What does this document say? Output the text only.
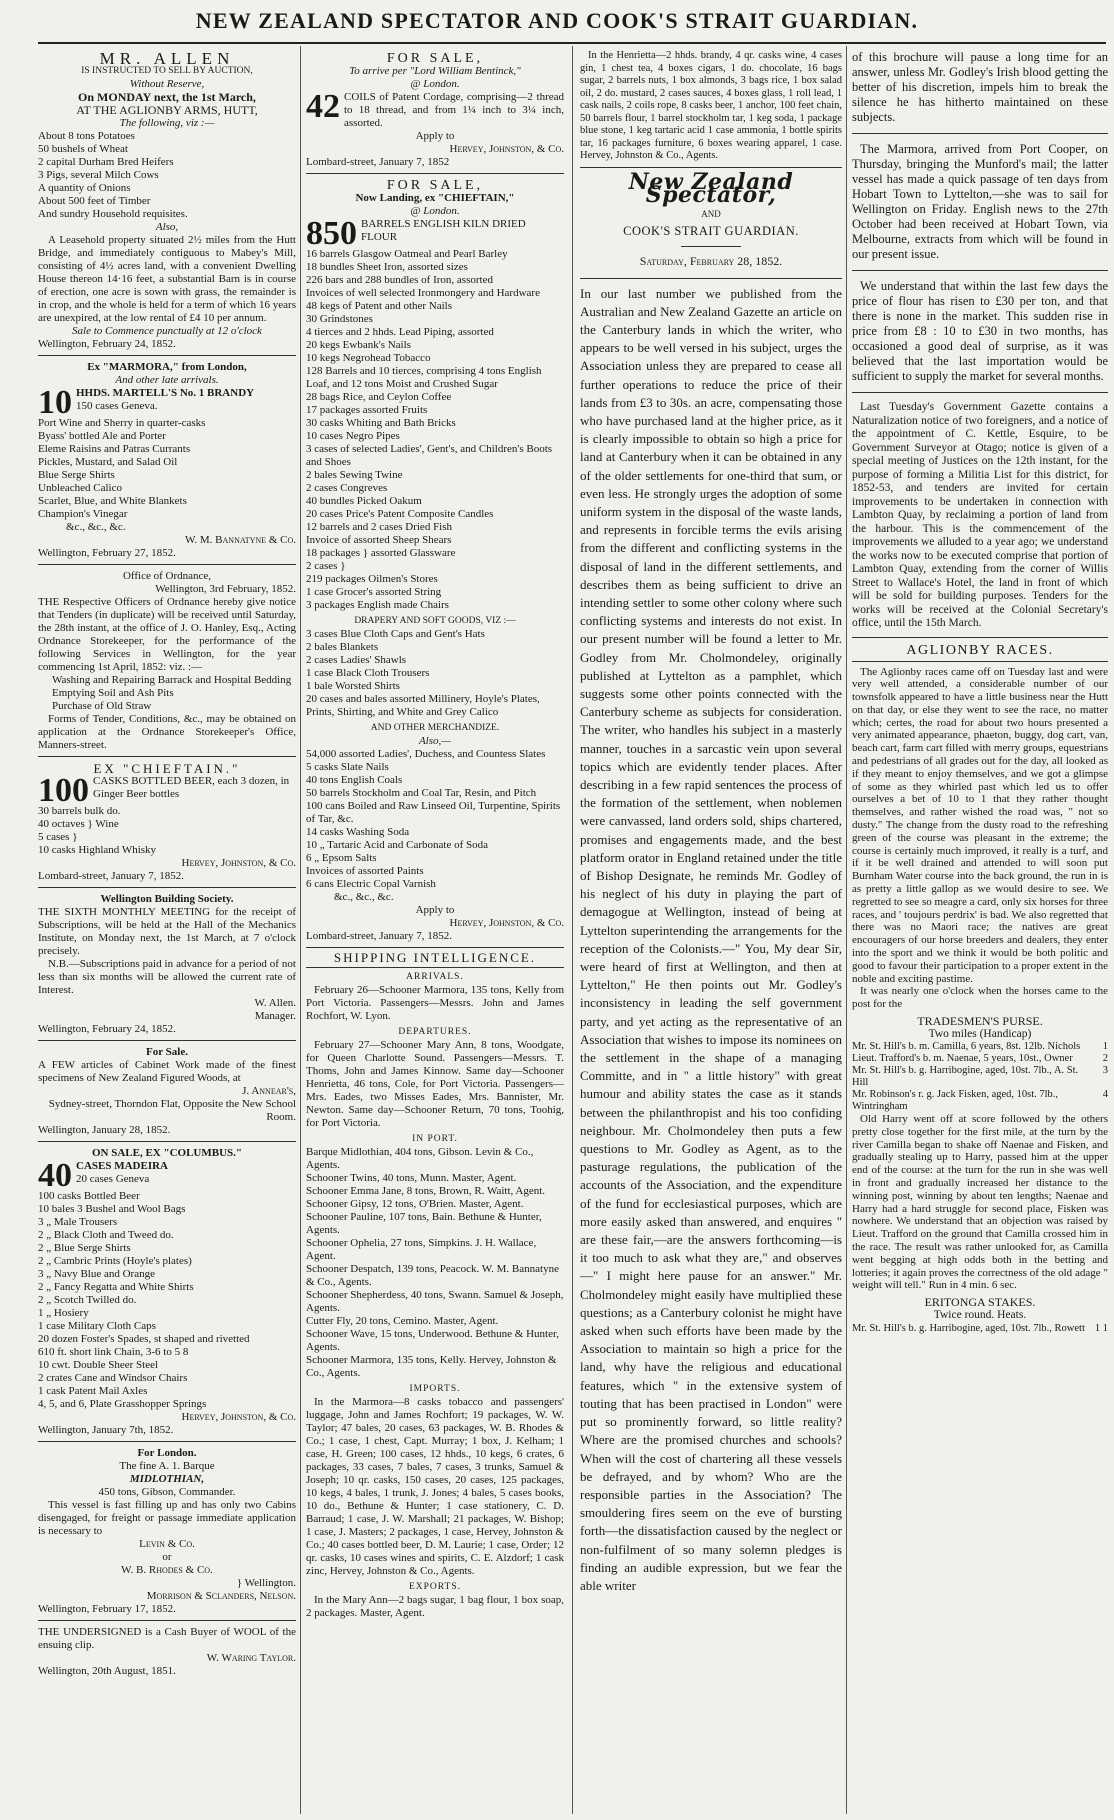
NEW ZEALAND SPECTATOR AND COOK'S STRAIT GUARDIAN.
MR. ALLEN
IS INSTRUCTED TO SELL BY AUCTION,
Without Reserve,
On MONDAY next, the 1st March,
AT THE AGLIONBY ARMS, HUTT,
The following, viz :—
About 8 tons Potatoes
50 bushels of Wheat
2 capital Durham Bred Heifers
3 Pigs, several Milch Cows
A quantity of Onions
About 500 feet of Timber
And sundry Household requisites.
Also,

A Leasehold property situated 2½ miles from the Hutt Bridge, and immediately contiguous to Mabey's Mill, consisting of 4½ acres land, with a convenient Dwelling House thereon 14·16 feet, a substantial Barn is in course of erection, one acre is sown with grass, the remainder is in crop, and the whole is held for a term of which 16 years are unexpired, at the low rental of £4 10 per annum.

Sale to Commence punctually at 12 o'clock
Wellington, February 24, 1852.
Ex "MARMORA," from London,
And other late arrivals.
10 HHDS. MARTELL'S No. 1 BRANDY
150 cases Geneva.
Port Wine and Sherry in quarter-casks
Byass' bottled Ale and Porter
Eleme Raisins and Patras Currants
Pickles, Mustard, and Salad Oil
Blue Serge Shirts
Unbleached Calico
Scarlet, Blue, and White Blankets
Champion's Vinegar
&c., &c., &c.
W. M. Bannatyne & Co.
Wellington, February 27, 1852.
Office of Ordnance,
Wellington, 3rd February, 1852.

THE Respective Officers of Ordnance hereby give notice that Tenders (in duplicate) will be received until Saturday, the 28th instant, at the office of J. O. Hanley, Esq., Acting Ordnance Storekeeper, for the performance of the following Services in Wellington, for the year commencing 1st April, 1852: viz. :—

Washing and Repairing Barrack and Hospital Bedding
Emptying Soil and Ash Pits
Purchase of Old Straw

Forms of Tender, Conditions, &c., may be obtained on application at the Ordnance Storekeeper's Office, Manners-street.

EX "CHIEFTAIN."
100 CASKS BOTTLED BEER, each 3 dozen, in Ginger Beer bottles
30 barrels bulk do.
40 octaves } Wine
5 cases }
10 casks Highland Whisky
Hervey, Johnston, & Co.
Lombard-street, January 7, 1852.
Wellington Building Society.

THE SIXTH MONTHLY MEETING for the receipt of Subscriptions, will be held at the Hall of the Mechanics Institute, on Monday next, the 1st March, at 7 o'clock precisely.

N.B.—Subscriptions paid in advance for a period of not less than six months will be allowed the current rate of Interest.

W. Allen.
Manager.
Wellington, February 24, 1852.
For Sale.

A FEW articles of Cabinet Work made of the finest specimens of New Zealand Figured Woods, at

J. Annear's,
Sydney-street, Thorndon Flat, Opposite the New School Room.
Wellington, January 28, 1852.
ON SALE, EX "COLUMBUS."
40 CASES MADEIRA
20 cases Geneva
100 casks Bottled Beer
10 bales 3 Bushel and Wool Bags
3 „ Male Trousers
2 „ Black Cloth and Tweed do.
2 „ Blue Serge Shirts
2 „ Cambric Prints (Hoyle's plates)
3 „ Navy Blue and Orange
2 „ Fancy Regatta and White Shirts
2 „ Scotch Twilled do.
1 „ Hosiery
1 case Military Cloth Caps
20 dozen Foster's Spades, st shaped and rivetted
610 ft. short link Chain, 3-6 to 5 8
10 cwt. Double Sheer Steel
2 crates Cane and Windsor Chairs
1 cask Patent Mail Axles
4, 5, and 6, Plate Grasshopper Springs
Hervey, Johnston, & Co.
Wellington, January 7th, 1852.
For London.
The fine A. 1. Barque
MIDLOTHIAN,
450 tons, Gibson, Commander.

This vessel is fast filling up and has only two Cabins disengaged, for freight or passage immediate application is necessary to

Levin & Co.
or
W. B. Rhodes & Co.
} Wellington.
Morrison & Sclanders, Nelson.
Wellington, February 17, 1852.

THE UNDERSIGNED is a Cash Buyer of WOOL of the ensuing clip.

W. Waring Taylor.
Wellington, 20th August, 1851.
FOR SALE,
To arrive per "Lord William Bentinck,"
@ London.
42 COILS of Patent Cordage, comprising—2 thread to 18 thread, and from 1¼ inch to 3¼ inch, assorted.

Apply to
Hervey, Johnston, & Co.
Lombard-street, January 7, 1852
FOR SALE,
Now Landing, ex "CHIEFTAIN,"
@ London.
850 BARRELS ENGLISH KILN DRIED FLOUR
16 barrels Glasgow Oatmeal and Pearl Barley
18 bundles Sheet Iron, assorted sizes
226 bars and 288 bundles of Iron, assorted
Invoices of well selected Ironmongery and Hardware
48 kegs of Patent and other Nails
30 Grindstones
4 tierces and 2 hhds. Lead Piping, assorted
20 kegs Ewbank's Nails
10 kegs Negrohead Tobacco
128 Barrels and 10 tierces, comprising 4 tons English Loaf, and 12 tons Moist and Crushed Sugar
28 bags Rice, and Ceylon Coffee
17 packages assorted Fruits
30 casks Whiting and Bath Bricks
10 cases Negro Pipes
3 cases of selected Ladies', Gent's, and Children's Boots and Shoes
2 bales Sewing Twine
2 cases Congreves
40 bundles Picked Oakum
20 cases Price's Patent Composite Candles
12 barrels and 2 cases Dried Fish
Invoice of assorted Sheep Shears
18 packages } assorted Glassware
2 cases }
219 packages Oilmen's Stores
1 case Grocer's assorted String
3 packages English made Chairs
DRAPERY AND SOFT GOODS, VIZ :—
3 cases Blue Cloth Caps and Gent's Hats
2 bales Blankets
2 cases Ladies' Shawls
1 case Black Cloth Trousers
1 bale Worsted Shirts
20 cases and bales assorted Millinery, Hoyle's Plates, Prints, Shirting, and White and Grey Calico
AND OTHER MERCHANDIZE.
Also,—
54,000 assorted Ladies', Duchess, and Countess Slates
5 casks Slate Nails
40 tons English Coals
50 barrels Stockholm and Coal Tar, Resin, and Pitch
100 cans Boiled and Raw Linseed Oil, Turpentine, Spirits of Tar, &c.
14 casks Washing Soda
10 „ Tartaric Acid and Carbonate of Soda
6 „ Epsom Salts
Invoices of assorted Paints
6 cans Electric Copal Varnish
&c., &c., &c.
Apply to
Hervey, Johnston, & Co.
Lombard-street, January 7, 1852.
SHIPPING INTELLIGENCE.
ARRIVALS.

February 26—Schooner Marmora, 135 tons, Kelly from Port Victoria. Passengers—Messrs. John and James Rochfort, W. Lyon.

DEPARTURES.

February 27—Schooner Mary Ann, 8 tons, Woodgate, for Queen Charlotte Sound. Passengers—Messrs. T. Thoms, John and James Kinnow. Same day—Schooner Henrietta, 46 tons, Cole, for Port Victoria. Passengers—Mrs. Eades, two Misses Eades, Mrs. Bannister, Mr. Newton. Same day—Schooner Return, 70 tons, Toohig, for Port Victoria.

IN PORT.
Barque Midlothian, 404 tons, Gibson. Levin & Co., Agents.
Schooner Twins, 40 tons, Munn. Master, Agent.
Schooner Emma Jane, 8 tons, Brown, R. Waitt, Agent.
Schooner Gipsy, 12 tons, O'Brien. Master, Agent.
Schooner Pauline, 107 tons, Bain. Bethune & Hunter, Agents.
Schooner Ophelia, 27 tons, Simpkins. J. H. Wallace, Agent.
Schooner Despatch, 139 tons, Peacock. W. M. Bannatyne & Co., Agents.
Schooner Shepherdess, 40 tons, Swann. Samuel & Joseph, Agents.
Cutter Fly, 20 tons, Cemino. Master, Agent.
Schooner Wave, 15 tons, Underwood. Bethune & Hunter, Agents.
Schooner Marmora, 135 tons, Kelly. Hervey, Johnston & Co., Agents.
IMPORTS.

In the Marmora—8 casks tobacco and passengers' luggage, John and James Rochfort; 19 packages, W. W. Taylor; 47 bales, 20 cases, 63 packages, W. B. Rhodes & Co.; 1 case, 1 chest, Capt. Murray; 1 box, J. Kelham; 1 case, H. Green; 100 cases, 12 hhds., 10 kegs, 6 crates, 6 packages, 33 cases, 7 bales, 7 cases, 3 trunks, Samuel & Joseph; 10 qr. casks, 150 cases, 20 cases, 125 packages, 10 kegs, 4 bales, 1 trunk, J. Jones; 4 bales, 5 cases books, 10 do., Bethune & Hunter; 1 case stationery, C. D. Barraud; 1 case, J. W. Marshall; 21 packages, W. Bishop; 1 case, J. Masters; 2 packages, 1 case, Hervey, Johnston & Co.; 40 cases bottled beer, D. M. Laurie; 1 case, Order; 12 qr. casks, 10 cases wines and spirits, C. E. Alzdorf; 1 cask zinc, Hervey, Johnston & Co., Agents.

EXPORTS.

In the Mary Ann—2 bags sugar, 1 bag flour, 1 box soap, 2 packages. Master, Agent.

In the Henrietta—2 hhds. brandy, 4 qr. casks wine, 4 cases gin, 1 chest tea, 4 boxes cigars, 1 do. chocolate, 16 bags sugar, 2 barrels nuts, 1 box almonds, 3 bags rice, 1 box salad oil, 2 do. mustard, 2 cases sauces, 4 boxes glass, 1 roll lead, 1 cask nails, 2 coils rope, 8 casks beer, 1 anchor, 100 feet chain, 50 barrels flour, 1 barrel stockholm tar, 1 keg soda, 1 package blue stone, 1 keg tartaric acid 1 case ammonia, 1 bottle spirits tar, 16 packages furniture, 6 boxes wearing apparel, 1 case. Hervey, Johnston & Co., Agents.

New Zealand Spectator,
AND
COOK'S STRAIT GUARDIAN.
Saturday, February 28, 1852.

In our last number we published from the Australian and New Zealand Gazette an article on the Canterbury lands in which the writer, who appears to be well versed in his subject, urges the Association unless they are prepared to cease all further operations to reduce the price of their lands from £3 to 30s. an acre, compensating those who have purchased land at the higher price, as it is clearly impossible to obtain so high a price for land at Canterbury when it can be obtained in any of the older settlements for one-third that sum, or even less. He strongly urges the adoption of some uniform system in the disposal of the waste lands, and represents in forcible terms the evils arising from the different and conflicting systems in the disposal of land in the different settlements, and describes them as being sufficient to drive an intending settler to some other colony where such conflicting systems and interests do not exist. In our present number will be found a letter to Mr. Godley from Mr. Cholmondeley, originally published at Lyttelton as a pamphlet, which suggests some other points connected with the Canterbury scheme as subjects for consideration. The writer, who handles his subject in a masterly manner, touches in a sarcastic vein upon several topics which are evidently tender places. After describing in a few rapid sentences the process of the formation of the settlement, when noblemen were canvassed, land orders sold, ships chartered, promises and engagements made, and the best platform orator in England retained under the title of Bishop Designate, he reminds Mr. Godley of his neglect of his duty in playing the part of demagogue at Wellington, instead of being at Lyttelton superintending the arrangements for the reception of the Colonists.—" You, My dear Sir, were heard of first at Wellington, and then at Lyttelton," He then points out Mr. Godley's inconsistency in leading the self government party, and yet acting as the representative of an Association that wishes to impose its nominees on the settlement in the shape of a managing Committe, and in " a little history" with great humour and ability states the case as it stands between the philanthropist and his too confiding neighbour. Mr. Cholmondeley then puts a few questions to Mr. Godley as Agent, as to the pasturage regulations, the publication of the accounts of the Association, and the expenditure of the fund for ecclesiastical purposes, which are more easily asked than answered, and enquires " are these fair,—are the answers forthcoming—is it too much to ask what they are," and observes—" I might here pause for an answer." Mr. Cholmondeley might easily have multiplied these questions; as a Canterbury colonist he might have asked when such efforts have been made by the Association to maintain so high a price for the land, why have the religious and educational features, which " in the extensive system of touting that has been practised in London" were put so prominently forward, so little reality? Where are the promised churches and schools? When will the cost of chartering all these vessels be defrayed, and by whom? Who are the responsible parties in the Association? The smouldering fires seem on the eve of bursting forth—the dissatisfaction caused by the neglect or non-fulfilment of so many solemn pledges is finding an audible expression, but we fear the able writer

of this brochure will pause a long time for an answer, unless Mr. Godley's Irish blood getting the better of his discretion, impels him to break the silence he has hitherto maintained on these subjects.

The Marmora, arrived from Port Cooper, on Thursday, bringing the Munford's mail; the latter vessel has made a quick passage of ten days from Hobart Town to Lyttelton,—she was to sail for Wellington on Friday. English news to the 27th October had been received at Hobart Town, via Melbourne, extracts from which will be found in our present issue.

We understand that within the last few days the price of flour has risen to £30 per ton, and that there is none in the market. This sudden rise in price from £8 : 10 to £30 in two months, has occasioned a good deal of surprise, as it was believed that the last importation would be sufficient to supply the market for several months.

Last Tuesday's Government Gazette contains a Naturalization notice of two foreigners, and a notice of the appointment of C. Kettle, Esquire, to be Government Surveyor at Otago; notice is given of a special meeting of Justices on the 12th instant, for the purpose of forming a Militia List for this district, for 1852-53, and tenders are invited for certain improvements to be undertaken in connection with Lambton Quay, by reclaiming a portion of land from the harbour. This is the commencement of the improvements we alluded to a year ago; we understand the works now to be executed comprise that portion of Lambton Quay, extending from the corner of Willis Street to Wallace's Hotel, the land in front of which will be sold for building purposes. Tenders for the works will be received at the Colonial Secretary's office, until the 15th March.

AGLIONBY RACES.

The Aglionby races came off on Tuesday last and were very well attended, a considerable number of our townsfolk appeared to have a little business near the Hutt on that day, or else they went to see the race, no matter which; certes, the road for about two hours presented a very animated appearance, phaeton, buggy, dog cart, van, beach cart, farm cart filled with merry groups, equestrians and pedestrians of all grades out for the day, all looked as if they meant to enjoy themselves, and we got a glimpse of some as they whirled past which led us to offer ourselves a bet of 10 to 1 that they rather thought themselves, and rather wished the road was, " not so dusty." The change from the dusty road to the refreshing green of the course was pleasant in the extreme; the course is certainly much improved, it really is a turf, and if it be well drained and attended to will soon put Burnham Water course into the back ground, the run in is as pretty a little gallop as we would desire to see. We regretted to see so meagre a card, only six horses for three races, and ' toujours perdrix' is bad. We also regretted that there was no Maori race; the natives are great encouragers of our horse breeders and dealers, they enter into the sport and we think it would be both politic and good to favour their participation to a proper extent in the noble and exciting pastime.

It was nearly one o'clock when the horses came to the post for the

TRADESMEN'S PURSE.
Two miles (Handicap)
Mr. St. Hill's b. m. Camilla, 6 years, 8st. 12lb. Nichols	1
Lieut. Trafford's b. m. Naenae, 5 years, 10st., Owner	2
Mr. St. Hill's b. g. Harribogine, aged, 10st. 7lb., A. St. Hill
3
Mr. Robinson's r. g. Jack Fisken, aged, 10st. 7lb., Wintringham
4

Old Harry went off at score followed by the others pretty close together for the first mile, at the turn by the river Camilla began to shake off Naenae and Fisken, and gradually stealing up to Harry, passed him at the upper end of the course: at the turn for the run in she was well in front and gradually increased her distance to the winning post, winning by about ten lengths; Naenae and Harry had a hard struggle for second place, Fisken was nowhere. We understand that an objection was raised by Lieut. Trafford on the ground that Camilla crossed him in the race. The result was rather unlooked for, as Camilla went begging at high odds both in the betting and lotteries; it again proves the correctness of the old adage " weight will tell." Run in 4 min. 6 sec.

ERITONGA STAKES.
Twice round. Heats.
Mr. St. Hill's b. g. Harribogine, aged, 10st. 7lb., Rowett 1 1
